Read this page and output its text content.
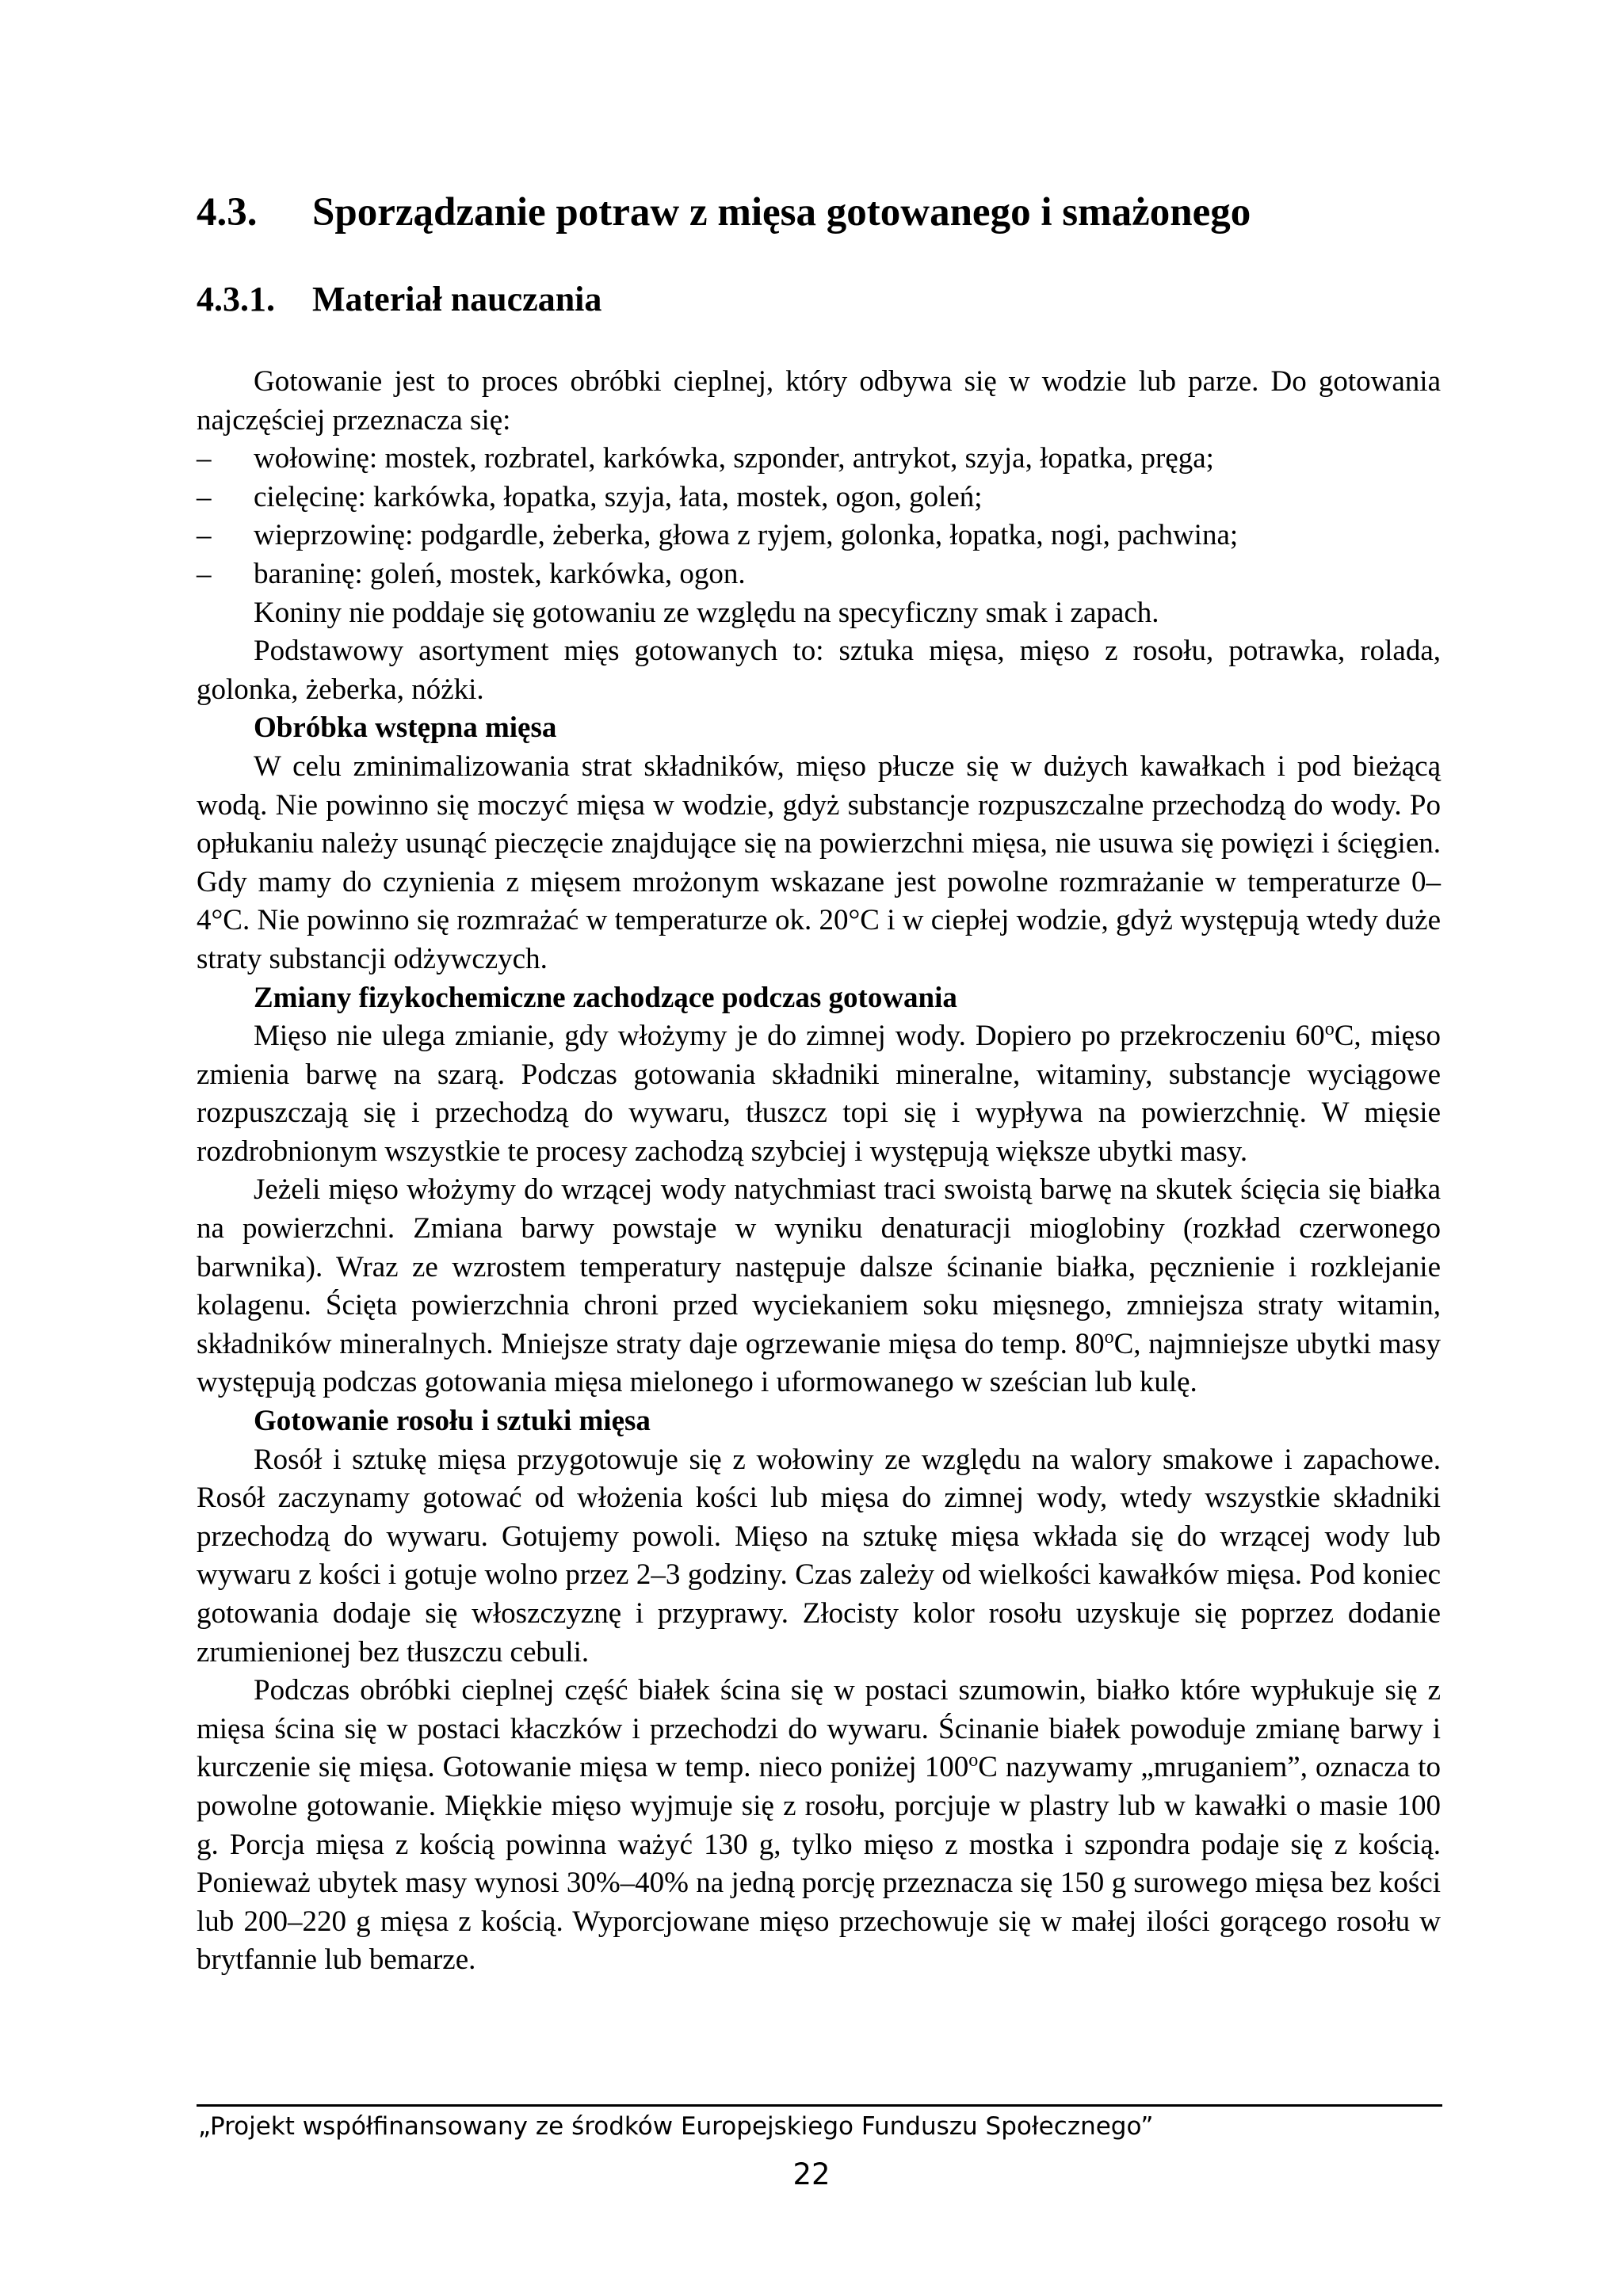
4.3. Sporządzanie potraw z mięsa gotowanego i smażonego
4.3.1. Materiał nauczania

Gotowanie jest to proces obróbki cieplnej, który odbywa się w wodzie lub parze. Do gotowania najczęściej przeznacza się:

– wołowinę: mostek, rozbratel, karkówka, szponder, antrykot, szyja, łopatka, pręga;
– cielęcinę: karkówka, łopatka, szyja, łata, mostek, ogon, goleń;
– wieprzowinę: podgardle, żeberka, głowa z ryjem, golonka, łopatka, nogi, pachwina;
– baraninę: goleń, mostek, karkówka, ogon.

Koniny nie poddaje się gotowaniu ze względu na specyficzny smak i zapach.

Podstawowy asortyment mięs gotowanych to: sztuka mięsa, mięso z rosołu, potrawka, rolada, golonka, żeberka, nóżki.

Obróbka wstępna mięsa

W celu zminimalizowania strat składników, mięso płucze się w dużych kawałkach i pod bieżącą wodą. Nie powinno się moczyć mięsa w wodzie, gdyż substancje rozpuszczalne przechodzą do wody. Po opłukaniu należy usunąć pieczęcie znajdujące się na powierzchni mięsa, nie usuwa się powięzi i ścięgien. Gdy mamy do czynienia z mięsem mrożonym wskazane jest powolne rozmrażanie w temperaturze 0–4°C. Nie powinno się rozmrażać w temperaturze ok. 20°C i w ciepłej wodzie, gdyż występują wtedy duże straty substancji odżywczych.

Zmiany fizykochemiczne zachodzące podczas gotowania

Mięso nie ulega zmianie, gdy włożymy je do zimnej wody. Dopiero po przekroczeniu 60$^o$C, mięso zmienia barwę na szarą. Podczas gotowania składniki mineralne, witaminy, substancje wyciągowe rozpuszczają się i przechodzą do wywaru, tłuszcz topi się i wypływa na powierzchnię. W mięsie rozdrobnionym wszystkie te procesy zachodzą szybciej i występują większe ubytki masy.

Jeżeli mięso włożymy do wrzącej wody natychmiast traci swoistą barwę na skutek ścięcia się białka na powierzchni. Zmiana barwy powstaje w wyniku denaturacji mioglobiny (rozkład czerwonego barwnika). Wraz ze wzrostem temperatury następuje dalsze ścinanie białka, pęcznienie i rozklejanie kolagenu. Ścięta powierzchnia chroni przed wyciekaniem soku mięsnego, zmniejsza straty witamin, składników mineralnych. Mniejsze straty daje ogrzewanie mięsa do temp. 80$^o$C, najmniejsze ubytki masy występują podczas gotowania mięsa mielonego i uformowanego w sześcian lub kulę.

Gotowanie rosołu i sztuki mięsa

Rosół i sztukę mięsa przygotowuje się z wołowiny ze względu na walory smakowe i zapachowe. Rosół zaczynamy gotować od włożenia kości lub mięsa do zimnej wody, wtedy wszystkie składniki przechodzą do wywaru. Gotujemy powoli. Mięso na sztukę mięsa wkłada się do wrzącej wody lub wywaru z kości i gotuje wolno przez 2–3 godziny. Czas zależy od wielkości kawałków mięsa. Pod koniec gotowania dodaje się włoszczyznę i przyprawy. Złocisty kolor rosołu uzyskuje się poprzez dodanie zrumienionej bez tłuszczu cebuli.

Podczas obróbki cieplnej część białek ścina się w postaci szumowin, białko które wypłukuje się z mięsa ścina się w postaci kłaczków i przechodzi do wywaru. Ścinanie białek powoduje zmianę barwy i kurczenie się mięsa. Gotowanie mięsa w temp. nieco poniżej 100$^o$C nazywamy „mruganiem”, oznacza to powolne gotowanie. Miękkie mięso wyjmuje się z rosołu, porcjuje w plastry lub w kawałki o masie 100 g. Porcja mięsa z kością powinna ważyć 130 g, tylko mięso z mostka i szpondra podaje się z kością. Ponieważ ubytek masy wynosi 30%–40% na jedną porcję przeznacza się 150 g surowego mięsa bez kości lub 200–220 g mięsa z kością. Wyporcjowane mięso przechowuje się w małej ilości gorącego rosołu w brytfannie lub bemarze.

„Projekt współfinansowany ze środków Europejskiego Funduszu Społecznego”
22
